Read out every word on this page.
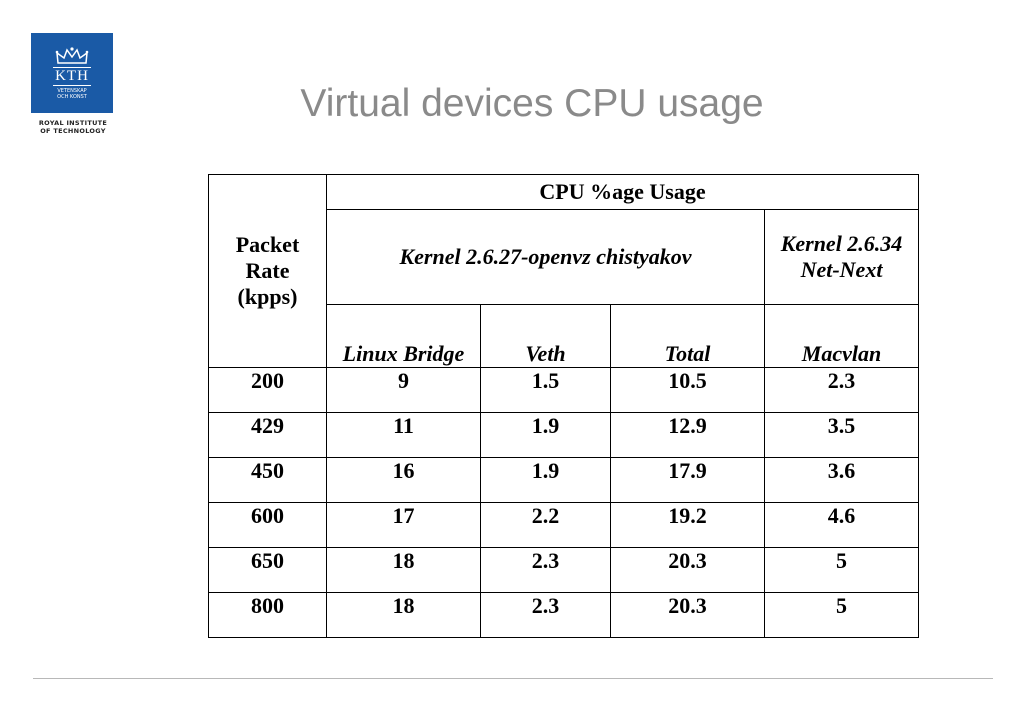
KTH
VETENSKAP
OCH KONST
ROYAL INSTITUTE
OF TECHNOLOGY
Virtual devices CPU usage
Packet Rate (kpps)	CPU %age Usage			
	Kernel 2.6.27-openvz chistyakov			Kernel 2.6.34 Net-Next
	Linux Bridge	Veth	Total	Macvlan
200	9	1.5	10.5	2.3
429	11	1.9	12.9	3.5
450	16	1.9	17.9	3.6
600	17	2.2	19.2	4.6
650	18	2.3	20.3	5
800	18	2.3	20.3	5
